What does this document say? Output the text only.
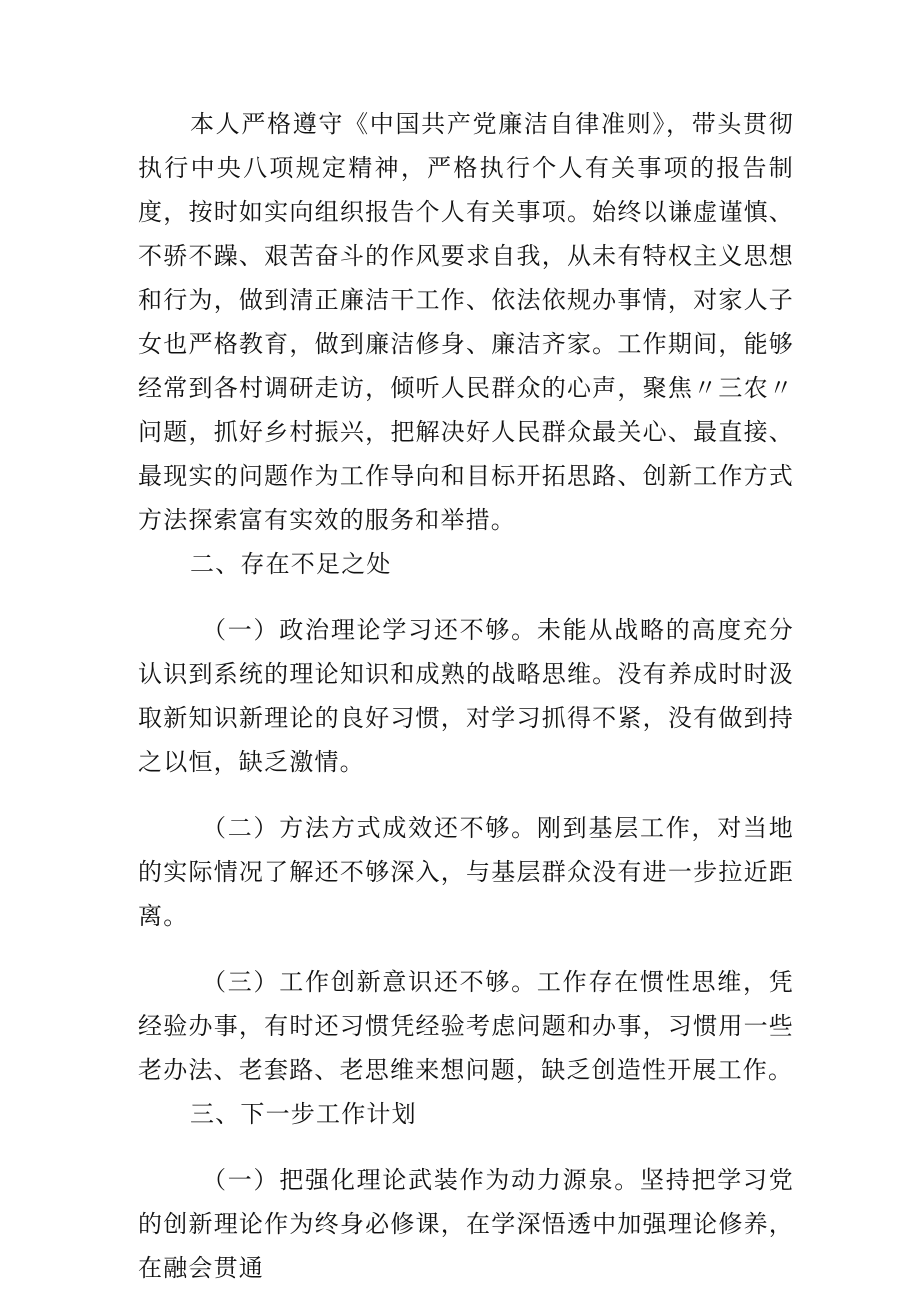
本人严格遵守《中国共产党廉洁自律准则》，带头贯彻执行中央八项规定精神，严格执行个人有关事项的报告制度，按时如实向组织报告个人有关事项。始终以谦虚谨慎、不骄不躁、艰苦奋斗的作风要求自我，从未有特权主义思想和行为，做到清正廉洁干工作、依法依规办事情，对家人子女也严格教育，做到廉洁修身、廉洁齐家。工作期间，能够经常到各村调研走访，倾听人民群众的心声，聚焦〃三农〃问题，抓好乡村振兴，把解决好人民群众最关心、最直接、最现实的问题作为工作导向和目标开拓思路、创新工作方式方法探索富有实效的服务和举措。

二、存在不足之处

（一）政治理论学习还不够。未能从战略的高度充分认识到系统的理论知识和成熟的战略思维。没有养成时时汲取新知识新理论的良好习惯，对学习抓得不紧，没有做到持之以恒，缺乏激情。

（二）方法方式成效还不够。刚到基层工作，对当地的实际情况了解还不够深入，与基层群众没有进一步拉近距离。

（三）工作创新意识还不够。工作存在惯性思维，凭经验办事，有时还习惯凭经验考虑问题和办事，习惯用一些老办法、老套路、老思维来想问题，缺乏创造性开展工作。

三、下一步工作计划

（一）把强化理论武装作为动力源泉。坚持把学习党的创新理论作为终身必修课，在学深悟透中加强理论修养，在融会贯通
